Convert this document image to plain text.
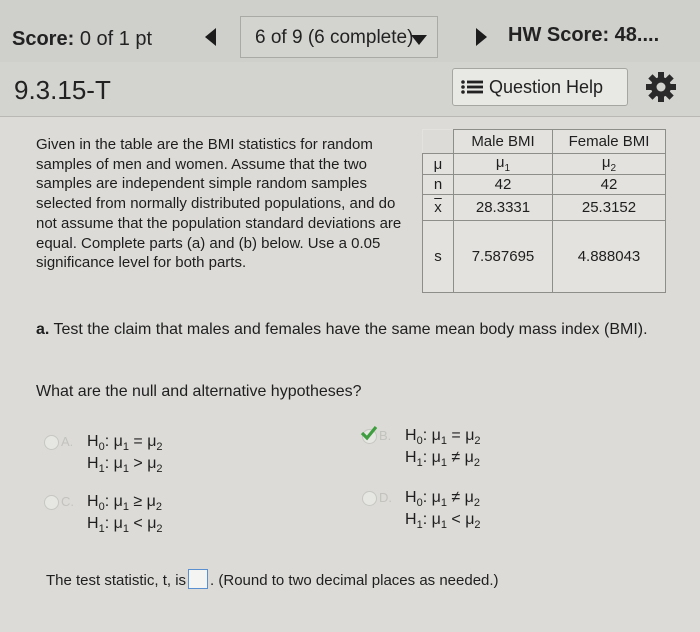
Score: 0 of 1 pt	6 of 9 (6 complete)	HW Score: 48....
9.3.15-T	Question Help
Given in the table are the BMI statistics for random samples of men and women. Assume that the two samples are independent simple random samples selected from normally distributed populations, and do not assume that the population standard deviations are equal. Complete parts (a) and (b) below. Use a 0.05 significance level for both parts.
	Male BMI	Female BMI
μ	$\mu_1$	$\mu_2$
n	42	42
$\overline{x}$	28.3331	25.3152
s	7.587695	4.888043
a. Test the claim that males and females have the same mean body mass index (BMI).
What are the null and alternative hypotheses?
A. $H_0$: $\mu_1 = \mu_2$
$H_1$: $\mu_1 > \mu_2$
B. $H_0$: $\mu_1 = \mu_2$
$H_1$: $\mu_1 \ne \mu_2$
C. $H_0$: $\mu_1 \ge \mu_2$
$H_1$: $\mu_1 < \mu_2$
D. $H_0$: $\mu_1 \ne \mu_2$
$H_1$: $\mu_1 < \mu_2$
The test statistic, t, is . (Round to two decimal places as needed.)
